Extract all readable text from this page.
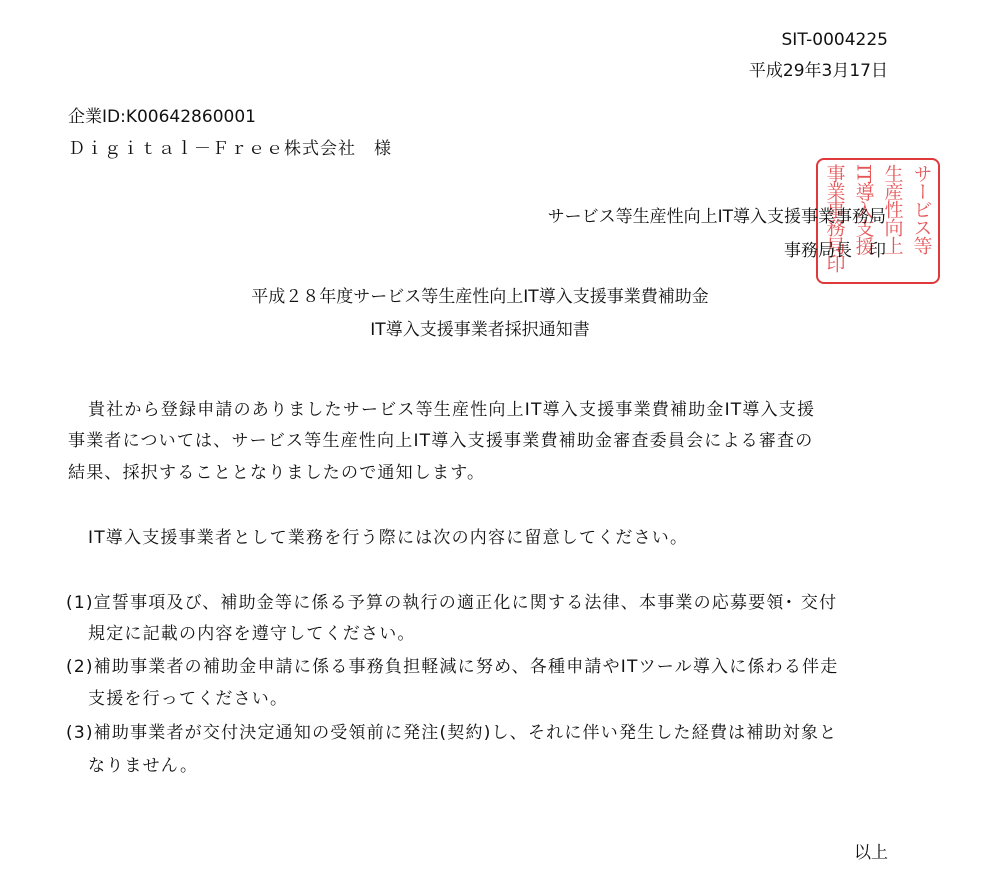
SIT-0004225
平成29年3月17日
企業ID:K00642860001
Ｄｉｇｉｔａｌ－Ｆｒｅｅ株式会社　様
サービス等
生産性向上
IT導入支援
事業事務局印
サービス等生産性向上IT導入支援事業事務局
事務局長　印
平成２８年度サービス等生産性向上IT導入支援事業費補助金
IT導入支援事業者採択通知書
貴社から登録申請のありましたサービス等生産性向上IT導入支援事業費補助金IT導入支援
事業者については、サービス等生産性向上IT導入支援事業費補助金審査委員会による審査の
結果、採択することとなりましたので通知します。
IT導入支援事業者として業務を行う際には次の内容に留意してください。
(1)宣誓事項及び、補助金等に係る予算の執行の適正化に関する法律、本事業の応募要領･ 交付
規定に記載の内容を遵守してください。
(2)補助事業者の補助金申請に係る事務負担軽減に努め、各種申請やITツール導入に係わる伴走
支援を行ってください。
(3)補助事業者が交付決定通知の受領前に発注(契約)し、それに伴い発生した経費は補助対象と
なりません。
以上
